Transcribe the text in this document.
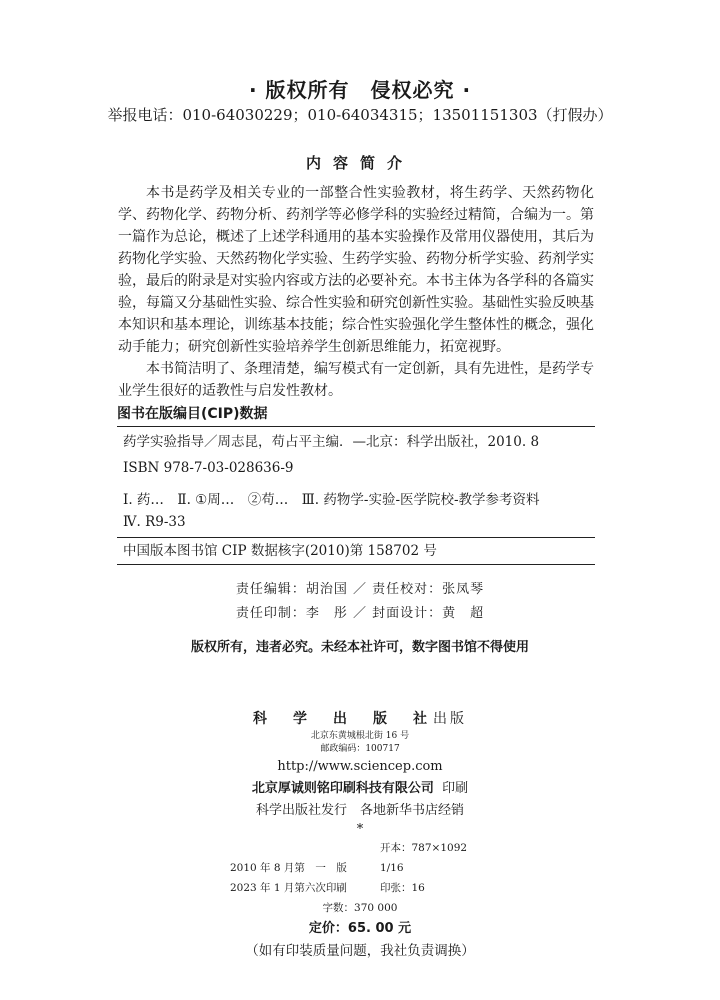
· 版权所有　侵权必究 ·
举报电话：010-64030229；010-64034315；13501151303（打假办）
内容简介

本书是药学及相关专业的一部整合性实验教材，将生药学、天然药物化学、药物化学、药物分析、药剂学等必修学科的实验经过精简，合编为一。第一篇作为总论，概述了上述学科通用的基本实验操作及常用仪器使用，其后为药物化学实验、天然药物化学实验、生药学实验、药物分析学实验、药剂学实验，最后的附录是对实验内容或方法的必要补充。本书主体为各学科的各篇实验，每篇又分基础性实验、综合性实验和研究创新性实验。基础性实验反映基本知识和基本理论，训练基本技能；综合性实验强化学生整体性的概念，强化动手能力；研究创新性实验培养学生创新思维能力，拓宽视野。

本书简洁明了、条理清楚，编写模式有一定创新，具有先进性，是药学专业学生很好的适教性与启发性教材。

图书在版编目(CIP)数据
药学实验指导／周志昆，苟占平主编．—北京：科学出版社，2010. 8
ISBN 978-7-03-028636-9
Ⅰ. 药…　Ⅱ. ①周…　②苟…　Ⅲ. 药物学-实验-医学院校-教学参考资料
Ⅳ. R9-33
中国版本图书馆 CIP 数据核字(2010)第 158702 号
责任编辑：胡治国 ／ 责任校对：张凤琴
责任印制：李　彤 ／ 封面设计：黄　超
版权所有，违者必究。未经本社许可，数字图书馆不得使用
科　学　出　版　社出版
北京东黄城根北街 16 号
邮政编码：100717
http://www.sciencep.com
北京厚诚则铭印刷科技有限公司 印刷
科学出版社发行　各地新华书店经销
*
2010 年 8 月第　一　版开本：787×1092　1/16
2023 年 1 月第六次印刷	印张：16
字数：370 000
定价：65. 00 元
（如有印装质量问题，我社负责调换）
